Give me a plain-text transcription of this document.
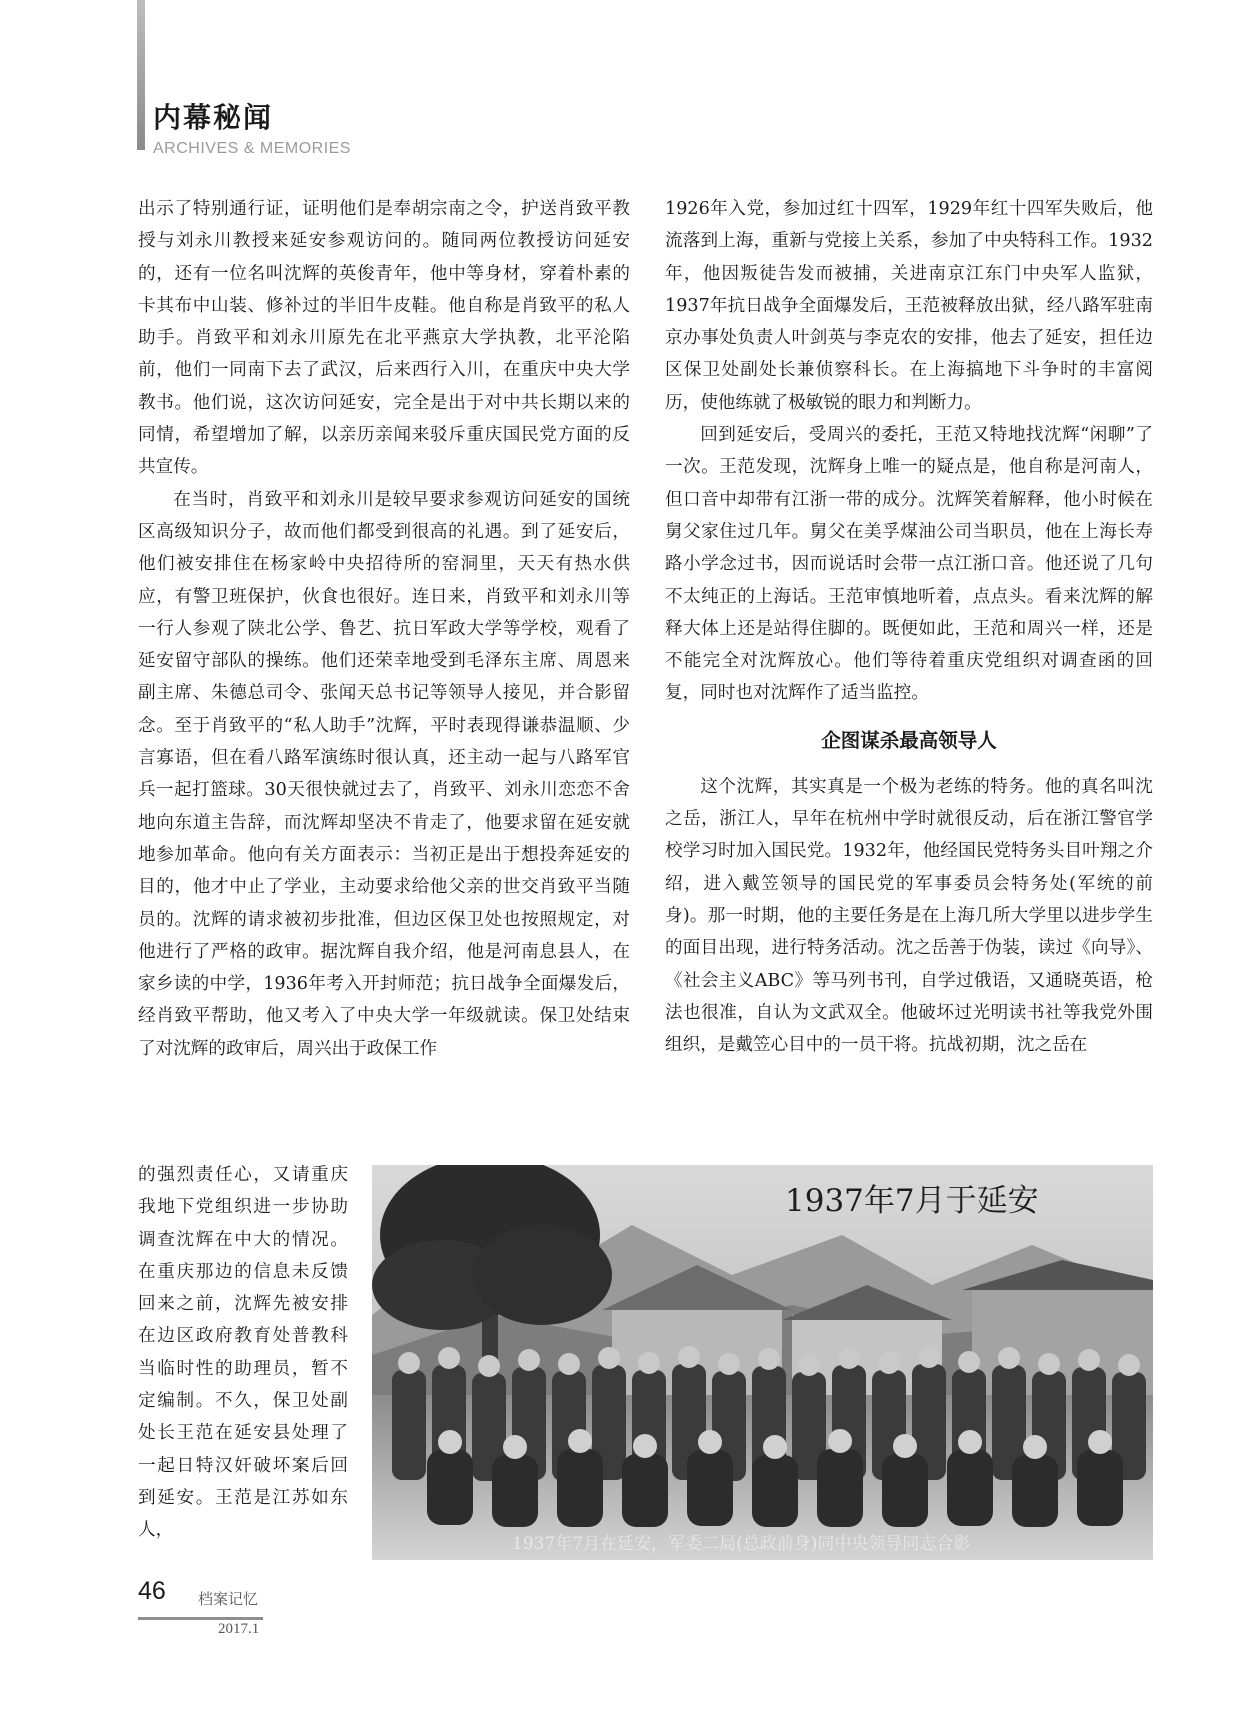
内幕秘闻
ARCHIVES & MEMORIES

出示了特别通行证，证明他们是奉胡宗南之令，护送肖致平教授与刘永川教授来延安参观访问的。随同两位教授访问延安的，还有一位名叫沈辉的英俊青年，他中等身材，穿着朴素的卡其布中山装、修补过的半旧牛皮鞋。他自称是肖致平的私人助手。肖致平和刘永川原先在北平燕京大学执教，北平沦陷前，他们一同南下去了武汉，后来西行入川，在重庆中央大学教书。他们说，这次访问延安，完全是出于对中共长期以来的同情，希望增加了解，以亲历亲闻来驳斥重庆国民党方面的反共宣传。

在当时，肖致平和刘永川是较早要求参观访问延安的国统区高级知识分子，故而他们都受到很高的礼遇。到了延安后，他们被安排住在杨家岭中央招待所的窑洞里，天天有热水供应，有警卫班保护，伙食也很好。连日来，肖致平和刘永川等一行人参观了陕北公学、鲁艺、抗日军政大学等学校，观看了延安留守部队的操练。他们还荣幸地受到毛泽东主席、周恩来副主席、朱德总司令、张闻天总书记等领导人接见，并合影留念。至于肖致平的“私人助手”沈辉，平时表现得谦恭温顺、少言寡语，但在看八路军演练时很认真，还主动一起与八路军官兵一起打篮球。30天很快就过去了，肖致平、刘永川恋恋不舍地向东道主告辞，而沈辉却坚决不肯走了，他要求留在延安就地参加革命。他向有关方面表示：当初正是出于想投奔延安的目的，他才中止了学业，主动要求给他父亲的世交肖致平当随员的。沈辉的请求被初步批准，但边区保卫处也按照规定，对他进行了严格的政审。据沈辉自我介绍，他是河南息县人，在家乡读的中学，1936年考入开封师范；抗日战争全面爆发后，经肖致平帮助，他又考入了中央大学一年级就读。保卫处结束了对沈辉的政审后，周兴出于政保工作

的强烈责任心，又请重庆我地下党组织进一步协助调查沈辉在中大的情况。在重庆那边的信息未反馈回来之前，沈辉先被安排在边区政府教育处普教科当临时性的助理员，暂不定编制。不久，保卫处副处长王范在延安县处理了一起日特汉奸破坏案后回到延安。王范是江苏如东人，

1926年入党，参加过红十四军，1929年红十四军失败后，他流落到上海，重新与党接上关系，参加了中央特科工作。1932年，他因叛徒告发而被捕，关进南京江东门中央军人监狱，1937年抗日战争全面爆发后，王范被释放出狱，经八路军驻南京办事处负责人叶剑英与李克农的安排，他去了延安，担任边区保卫处副处长兼侦察科长。在上海搞地下斗争时的丰富阅历，使他练就了极敏锐的眼力和判断力。

回到延安后，受周兴的委托，王范又特地找沈辉“闲聊”了一次。王范发现，沈辉身上唯一的疑点是，他自称是河南人，但口音中却带有江浙一带的成分。沈辉笑着解释，他小时候在舅父家住过几年。舅父在美孚煤油公司当职员，他在上海长寿路小学念过书，因而说话时会带一点江浙口音。他还说了几句不太纯正的上海话。王范审慎地听着，点点头。看来沈辉的解释大体上还是站得住脚的。既便如此，王范和周兴一样，还是不能完全对沈辉放心。他们等待着重庆党组织对调查函的回复，同时也对沈辉作了适当监控。

企图谋杀最高领导人

这个沈辉，其实真是一个极为老练的特务。他的真名叫沈之岳，浙江人，早年在杭州中学时就很反动，后在浙江警官学校学习时加入国民党。1932年，他经国民党特务头目叶翔之介绍，进入戴笠领导的国民党的军事委员会特务处(军统的前身)。那一时期，他的主要任务是在上海几所大学里以进步学生的面目出现，进行特务活动。沈之岳善于伪装，读过《向导》、《社会主义ABC》等马列书刊，自学过俄语，又通晓英语，枪法也很准，自认为文武双全。他破坏过光明读书社等我党外围组织，是戴笠心目中的一员干将。抗战初期，沈之岳在

1937年7月于延安
1937年7月在延安，军委二局(总政前身)同中央领导同志合影
46 档案记忆
2017.1
